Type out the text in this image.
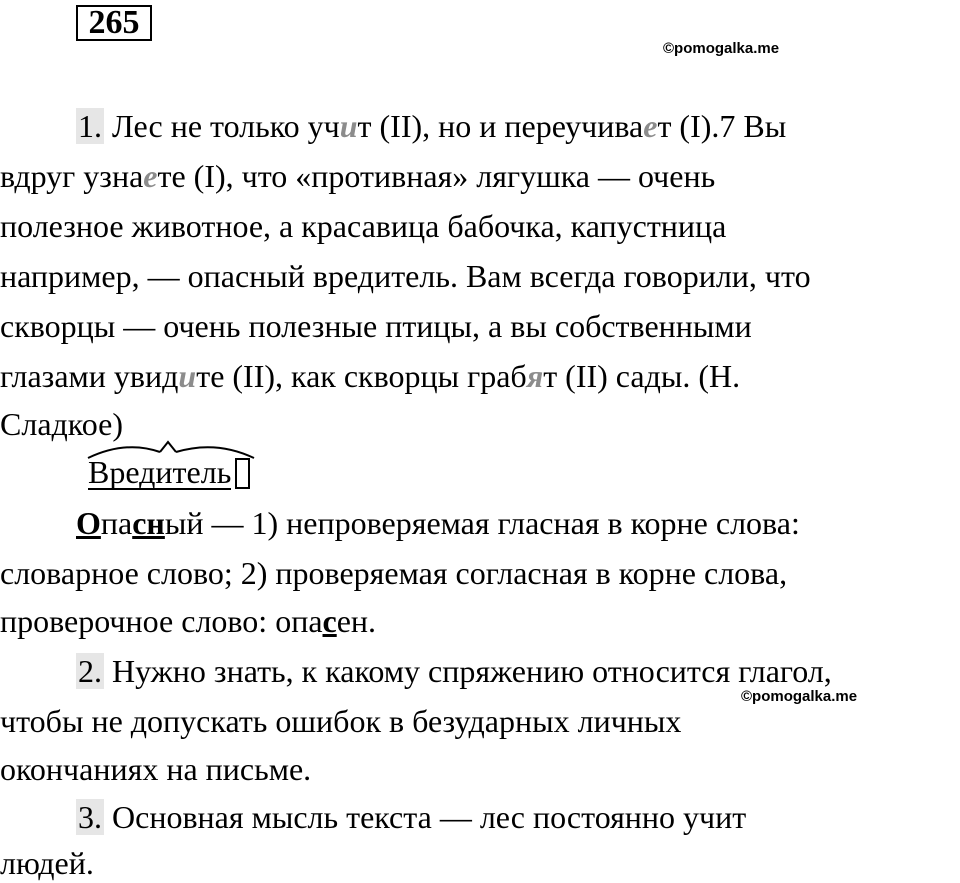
265
©pomogalka.me
1. Лес не только учит (II), но и переучивает (I).7 Вы
вдруг узнаете (I), что «противная» лягушка — очень
полезное животное, а красавица бабочка, капустница
например, — опасный вредитель. Вам всегда говорили, что
скворцы — очень полезные птицы, а вы собственными
глазами увидите (II), как скворцы грабят (II) сады. (Н.
Сладкое)
Вредитель
Опасный — 1) непроверяемая гласная в корне слова:
словарное слово; 2) проверяемая согласная в корне слова,
проверочное слово: опасен.
2. Нужно знать, к какому спряжению относится глагол,
©pomogalka.me
чтобы не допускать ошибок в безударных личных
окончаниях на письме.
3. Основная мысль текста — лес постоянно учит
людей.
